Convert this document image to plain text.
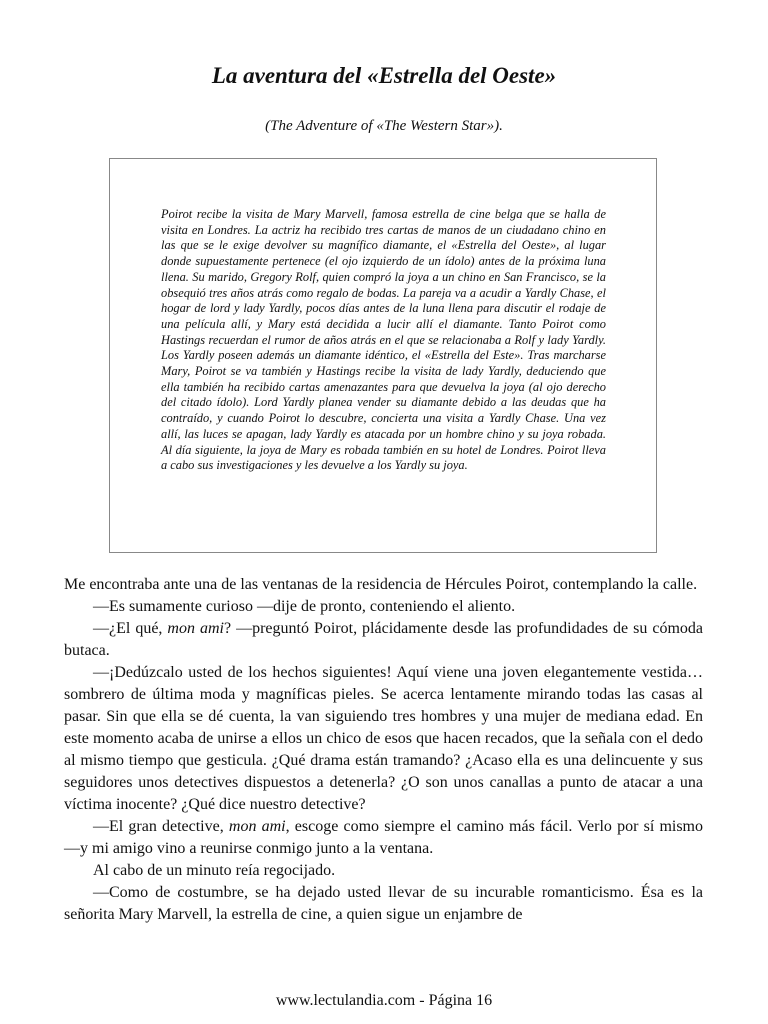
La aventura del «Estrella del Oeste»

(The Adventure of «The Western Star»).

Poirot recibe la visita de Mary Marvell, famosa estrella de cine belga que se halla de visita en Londres. La actriz ha recibido tres cartas de manos de un ciudadano chino en las que se le exige devolver su magnífico diamante, el «Estrella del Oeste», al lugar donde supuestamente pertenece (el ojo izquierdo de un ídolo) antes de la próxima luna llena. Su marido, Gregory Rolf, quien compró la joya a un chino en San Francisco, se la obsequió tres años atrás como regalo de bodas. La pareja va a acudir a Yardly Chase, el hogar de lord y lady Yardly, pocos días antes de la luna llena para discutir el rodaje de una película allí, y Mary está decidida a lucir allí el diamante. Tanto Poirot como Hastings recuerdan el rumor de años atrás en el que se relacionaba a Rolf y lady Yardly. Los Yardly poseen además un diamante idéntico, el «Estrella del Este». Tras marcharse Mary, Poirot se va también y Hastings recibe la visita de lady Yardly, deduciendo que ella también ha recibido cartas amenazantes para que devuelva la joya (al ojo derecho del citado ídolo). Lord Yardly planea vender su diamante debido a las deudas que ha contraído, y cuando Poirot lo descubre, concierta una visita a Yardly Chase. Una vez allí, las luces se apagan, lady Yardly es atacada por un hombre chino y su joya robada. Al día siguiente, la joya de Mary es robada también en su hotel de Londres. Poirot lleva a cabo sus investigaciones y les devuelve a los Yardly su joya.

Me encontraba ante una de las ventanas de la residencia de Hércules Poirot, contemplando la calle.

—Es sumamente curioso —dije de pronto, conteniendo el aliento.

—¿El qué, mon ami? —preguntó Poirot, plácidamente desde las profundidades de su cómoda butaca.

—¡Dedúzcalo usted de los hechos siguientes! Aquí viene una joven elegantemente vestida… sombrero de última moda y magníficas pieles. Se acerca lentamente mirando todas las casas al pasar. Sin que ella se dé cuenta, la van siguiendo tres hombres y una mujer de mediana edad. En este momento acaba de unirse a ellos un chico de esos que hacen recados, que la señala con el dedo al mismo tiempo que gesticula. ¿Qué drama están tramando? ¿Acaso ella es una delincuente y sus seguidores unos detectives dispuestos a detenerla? ¿O son unos canallas a punto de atacar a una víctima inocente? ¿Qué dice nuestro detective?

—El gran detective, mon ami, escoge como siempre el camino más fácil. Verlo por sí mismo —y mi amigo vino a reunirse conmigo junto a la ventana.

Al cabo de un minuto reía regocijado.

—Como de costumbre, se ha dejado usted llevar de su incurable romanticismo. Ésa es la señorita Mary Marvell, la estrella de cine, a quien sigue un enjambre de

www.lectulandia.com - Página 16
